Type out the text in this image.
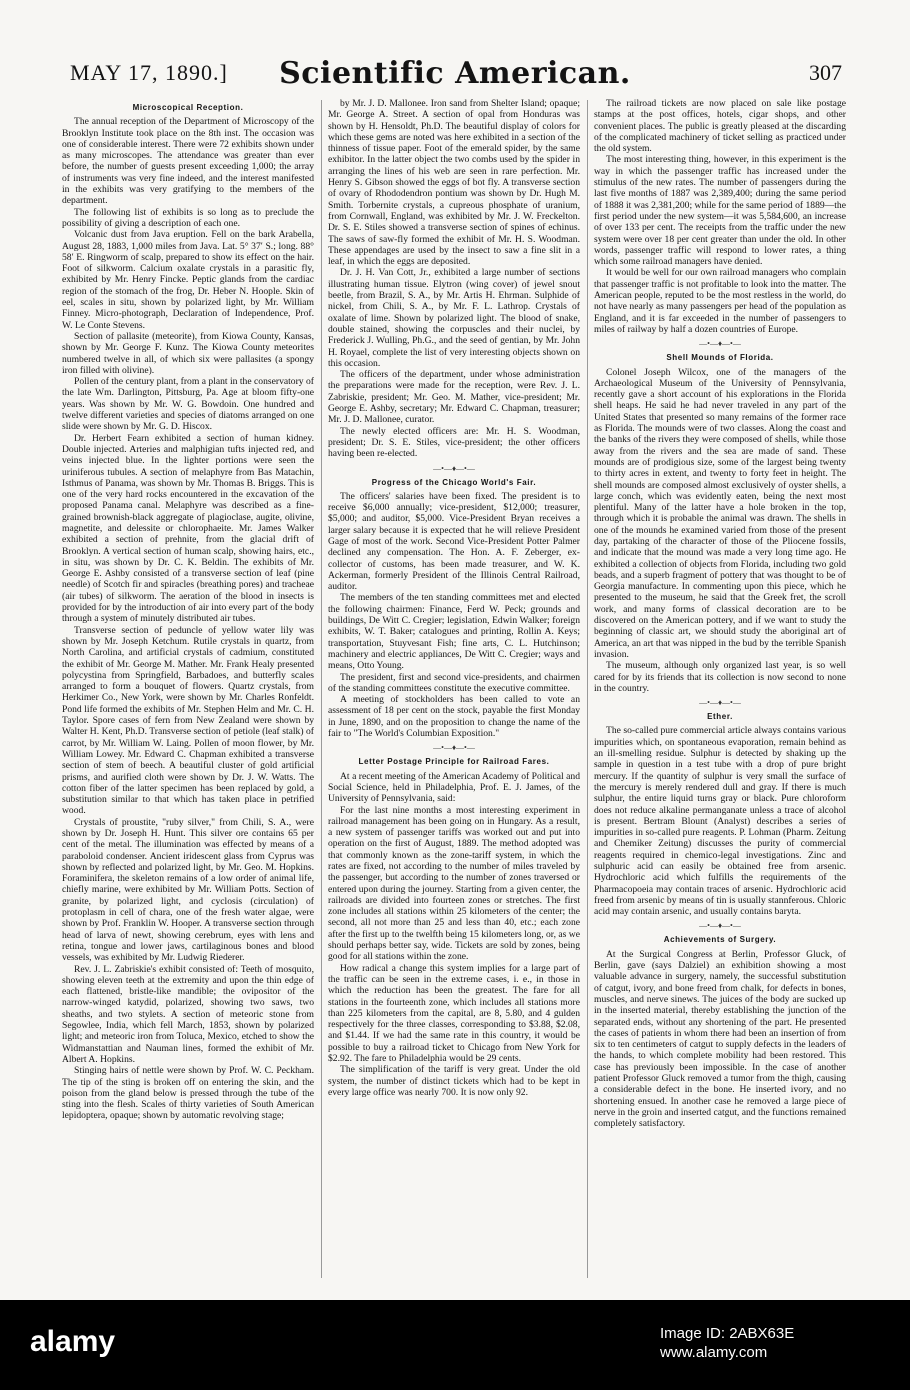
MAY 17, 1890.]	Scientific American.	307
Microscopical Reception.

The annual reception of the Department of Microscopy of the Brooklyn Institute took place on the 8th inst. The occasion was one of considerable interest. There were 72 exhibits shown under as many microscopes. The attendance was greater than ever before, the number of guests present exceeding 1,000; the array of instruments was very fine indeed, and the interest manifested in the exhibits was very gratifying to the members of the department.

The following list of exhibits is so long as to preclude the possibility of giving a description of each one.

Volcanic dust from Java eruption. Fell on the bark Arabella, August 28, 1883, 1,000 miles from Java. Lat. 5° 37′ S.; long. 88° 58′ E. Ringworm of scalp, prepared to show its effect on the hair. Foot of silkworm. Calcium oxalate crystals in a parasitic fly, exhibited by Mr. Henry Fincke. Peptic glands from the cardiac region of the stomach of the frog, Dr. Heber N. Hoople. Skin of eel, scales in situ, shown by polarized light, by Mr. William Finney. Micro-photograph, Declaration of Independence, Prof. W. Le Conte Stevens.

Section of pallasite (meteorite), from Kiowa County, Kansas, shown by Mr. George F. Kunz. The Kiowa County meteorites numbered twelve in all, of which six were pallasites (a spongy iron filled with olivine).

Pollen of the century plant, from a plant in the conservatory of the late Wm. Darlington, Pittsburg, Pa. Age at bloom fifty-one years. Was shown by Mr. W. G. Bowdoin. One hundred and twelve different varieties and species of diatoms arranged on one slide were shown by Mr. G. D. Hiscox.

Dr. Herbert Fearn exhibited a section of human kidney. Double injected. Arteries and malphigian tufts injected red, and veins injected blue. In the lighter portions were seen the uriniferous tubules. A section of melaphyre from Bas Matachin, Isthmus of Panama, was shown by Mr. Thomas B. Briggs. This is one of the very hard rocks encountered in the excavation of the proposed Panama canal. Melaphyre was described as a fine-grained brownish-black aggregate of plagioclase, augite, olivine, magnetite, and delessite or chlorophaeite. Mr. James Walker exhibited a section of prehnite, from the glacial drift of Brooklyn. A vertical section of human scalp, showing hairs, etc., in situ, was shown by Dr. C. K. Beldin. The exhibits of Mr. George E. Ashby consisted of a transverse section of leaf (pine needle) of Scotch fir and spiracles (breathing pores) and tracheae (air tubes) of silkworm. The aeration of the blood in insects is provided for by the introduction of air into every part of the body through a system of minutely distributed air tubes.

Transverse section of peduncle of yellow water lily was shown by Mr. Joseph Ketchum. Rutile crystals in quartz, from North Carolina, and artificial crystals of cadmium, constituted the exhibit of Mr. George M. Mather. Mr. Frank Healy presented polycystina from Springfield, Barbadoes, and butterfly scales arranged to form a bouquet of flowers. Quartz crystals, from Herkimer Co., New York, were shown by Mr. Charles Ronfeldt. Pond life formed the exhibits of Mr. Stephen Helm and Mr. C. H. Taylor. Spore cases of fern from New Zealand were shown by Walter H. Kent, Ph.D. Transverse section of petiole (leaf stalk) of carrot, by Mr. William W. Laing. Pollen of moon flower, by Mr. William Lowey. Mr. Edward C. Chapman exhibited a transverse section of stem of beech. A beautiful cluster of gold artificial prisms, and aurified cloth were shown by Dr. J. W. Watts. The cotton fiber of the latter specimen has been replaced by gold, a substitution similar to that which has taken place in petrified wood.

Crystals of proustite, "ruby silver," from Chili, S. A., were shown by Dr. Joseph H. Hunt. This silver ore contains 65 per cent of the metal. The illumination was effected by means of a paraboloid condenser. Ancient iridescent glass from Cyprus was shown by reflected and polarized light, by Mr. Geo. M. Hopkins. Foraminifera, the skeleton remains of a low order of animal life, chiefly marine, were exhibited by Mr. William Potts. Section of granite, by polarized light, and cyclosis (circulation) of protoplasm in cell of chara, one of the fresh water algae, were shown by Prof. Franklin W. Hooper. A transverse section through head of larva of newt, showing cerebrum, eyes with lens and retina, tongue and lower jaws, cartilaginous bones and blood vessels, was exhibited by Mr. Ludwig Riederer.

Rev. J. L. Zabriskie's exhibit consisted of: Teeth of mosquito, showing eleven teeth at the extremity and upon the thin edge of each flattened, bristle-like mandible; the ovipositor of the narrow-winged katydid, polarized, showing two saws, two sheaths, and two stylets. A section of meteoric stone from Segowlee, India, which fell March, 1853, shown by polarized light; and meteoric iron from Toluca, Mexico, etched to show the Widmanstattian and Nauman lines, formed the exhibit of Mr. Albert A. Hopkins.

Stinging hairs of nettle were shown by Prof. W. C. Peckham. The tip of the sting is broken off on entering the skin, and the poison from the gland below is pressed through the tube of the sting into the flesh. Scales of thirty varieties of South American lepidoptera, opaque; shown by automatic revolving stage;

by Mr. J. D. Mallonee. Iron sand from Shelter Island; opaque; Mr. George A. Street. A section of opal from Honduras was shown by H. Hensoldt, Ph.D. The beautiful display of colors for which these gems are noted was here exhibited in a section of the thinness of tissue paper. Foot of the emerald spider, by the same exhibitor. In the latter object the two combs used by the spider in arranging the lines of his web are seen in rare perfection. Mr. Henry S. Gibson showed the eggs of bot fly. A transverse section of ovary of Rhododendron pontium was shown by Dr. Hugh M. Smith. Torbernite crystals, a cupreous phosphate of uranium, from Cornwall, England, was exhibited by Mr. J. W. Freckelton. Dr. S. E. Stiles showed a transverse section of spines of echinus. The saws of saw-fly formed the exhibit of Mr. H. S. Woodman. These appendages are used by the insect to saw a fine slit in a leaf, in which the eggs are deposited.

Dr. J. H. Van Cott, Jr., exhibited a large number of sections illustrating human tissue. Elytron (wing cover) of jewel snout beetle, from Brazil, S. A., by Mr. Artis H. Ehrman. Sulphide of nickel, from Chili, S. A., by Mr. F. L. Lathrop. Crystals of oxalate of lime. Shown by polarized light. The blood of snake, double stained, showing the corpuscles and their nuclei, by Frederick J. Wulling, Ph.G., and the seed of gentian, by Mr. John H. Royael, complete the list of very interesting objects shown on this occasion.

The officers of the department, under whose administration the preparations were made for the reception, were Rev. J. L. Zabriskie, president; Mr. Geo. M. Mather, vice-president; Mr. George E. Ashby, secretary; Mr. Edward C. Chapman, treasurer; Mr. J. D. Mallonee, curator.

The newly elected officers are: Mr. H. S. Woodman, president; Dr. S. E. Stiles, vice-president; the other officers having been re-elected.

—•—♦—•—
Progress of the Chicago World's Fair.

The officers' salaries have been fixed. The president is to receive $6,000 annually; vice-president, $12,000; treasurer, $5,000; and auditor, $5,000. Vice-President Bryan receives a larger salary because it is expected that he will relieve President Gage of most of the work. Second Vice-President Potter Palmer declined any compensation. The Hon. A. F. Zeberger, ex-collector of customs, has been made treasurer, and W. K. Ackerman, formerly President of the Illinois Central Railroad, auditor.

The members of the ten standing committees met and elected the following chairmen: Finance, Ferd W. Peck; grounds and buildings, De Witt C. Cregier; legislation, Edwin Walker; foreign exhibits, W. T. Baker; catalogues and printing, Rollin A. Keys; transportation, Stuyvesant Fish; fine arts, C. L. Hutchinson; machinery and electric appliances, De Witt C. Cregier; ways and means, Otto Young.

The president, first and second vice-presidents, and chairmen of the standing committees constitute the executive committee.

A meeting of stockholders has been called to vote an assessment of 18 per cent on the stock, payable the first Monday in June, 1890, and on the proposition to change the name of the fair to "The World's Columbian Exposition."

—•—♦—•—
Letter Postage Principle for Railroad Fares.

At a recent meeting of the American Academy of Political and Social Science, held in Philadelphia, Prof. E. J. James, of the University of Pennsylvania, said:

For the last nine months a most interesting experiment in railroad management has been going on in Hungary. As a result, a new system of passenger tariffs was worked out and put into operation on the first of August, 1889. The method adopted was that commonly known as the zone-tariff system, in which the rates are fixed, not according to the number of miles traveled by the passenger, but according to the number of zones traversed or entered upon during the journey. Starting from a given center, the railroads are divided into fourteen zones or stretches. The first zone includes all stations within 25 kilometers of the center; the second, all not more than 25 and less than 40, etc.; each zone after the first up to the twelfth being 15 kilometers long, or, as we should perhaps better say, wide. Tickets are sold by zones, being good for all stations within the zone.

How radical a change this system implies for a large part of the traffic can be seen in the extreme cases, i. e., in those in which the reduction has been the greatest. The fare for all stations in the fourteenth zone, which includes all stations more than 225 kilometers from the capital, are 8, 5.80, and 4 gulden respectively for the three classes, corresponding to $3.88, $2.08, and $1.44. If we had the same rate in this country, it would be possible to buy a railroad ticket to Chicago from New York for $2.92. The fare to Philadelphia would be 29 cents.

The simplification of the tariff is very great. Under the old system, the number of distinct tickets which had to be kept in every large office was nearly 700. It is now only 92.

The railroad tickets are now placed on sale like postage stamps at the post offices, hotels, cigar shops, and other convenient places. The public is greatly pleased at the discarding of the complicated machinery of ticket selling as practiced under the old system.

The most interesting thing, however, in this experiment is the way in which the passenger traffic has increased under the stimulus of the new rates. The number of passengers during the last five months of 1887 was 2,389,400; during the same period of 1888 it was 2,381,200; while for the same period of 1889—the first period under the new system—it was 5,584,600, an increase of over 133 per cent. The receipts from the traffic under the new system were over 18 per cent greater than under the old. In other words, passenger traffic will respond to lower rates, a thing which some railroad managers have denied.

It would be well for our own railroad managers who complain that passenger traffic is not profitable to look into the matter. The American people, reputed to be the most restless in the world, do not have nearly as many passengers per head of the population as England, and it is far exceeded in the number of passengers to miles of railway by half a dozen countries of Europe.

—•—♦—•—
Shell Mounds of Florida.

Colonel Joseph Wilcox, one of the managers of the Archaeological Museum of the University of Pennsylvania, recently gave a short account of his explorations in the Florida shell heaps. He said he had never traveled in any part of the United States that presented so many remains of the former race as Florida. The mounds were of two classes. Along the coast and the banks of the rivers they were composed of shells, while those away from the rivers and the sea are made of sand. These mounds are of prodigious size, some of the largest being twenty to thirty acres in extent, and twenty to forty feet in height. The shell mounds are composed almost exclusively of oyster shells, a large conch, which was evidently eaten, being the next most plentiful. Many of the latter have a hole broken in the top, through which it is probable the animal was drawn. The shells in one of the mounds he examined varied from those of the present day, partaking of the character of those of the Pliocene fossils, and indicate that the mound was made a very long time ago. He exhibited a collection of objects from Florida, including two gold beads, and a superb fragment of pottery that was thought to be of Georgia manufacture. In commenting upon this piece, which he presented to the museum, he said that the Greek fret, the scroll work, and many forms of classical decoration are to be discovered on the American pottery, and if we want to study the beginning of classic art, we should study the aboriginal art of America, an art that was nipped in the bud by the terrible Spanish invasion.

The museum, although only organized last year, is so well cared for by its friends that its collection is now second to none in the country.

—•—♦—•—
Ether.

The so-called pure commercial article always contains various impurities which, on spontaneous evaporation, remain behind as an ill-smelling residue. Sulphur is detected by shaking up the sample in question in a test tube with a drop of pure bright mercury. If the quantity of sulphur is very small the surface of the mercury is merely rendered dull and gray. If there is much sulphur, the entire liquid turns gray or black. Pure chloroform does not reduce alkaline permanganate unless a trace of alcohol is present. Bertram Blount (Analyst) describes a series of impurities in so-called pure reagents. P. Lohman (Pharm. Zeitung and Chemiker Zeitung) discusses the purity of commercial reagents required in chemico-legal investigations. Zinc and sulphuric acid can easily be obtained free from arsenic. Hydrochloric acid which fulfills the requirements of the Pharmacopoeia may contain traces of arsenic. Hydrochloric acid freed from arsenic by means of tin is usually stannferous. Chloric acid may contain arsenic, and usually contains baryta.

—•—♦—•—
Achievements of Surgery.

At the Surgical Congress at Berlin, Professor Gluck, of Berlin, gave (says Dalziel) an exhibition showing a most valuable advance in surgery, namely, the successful substitution of catgut, ivory, and bone freed from chalk, for defects in bones, muscles, and nerve sinews. The juices of the body are sucked up in the inserted material, thereby establishing the junction of the separated ends, without any shortening of the part. He presented the cases of patients in whom there had been an insertion of from six to ten centimeters of catgut to supply defects in the leaders of the hands, to which complete mobility had been restored. This case has previously been impossible. In the case of another patient Professor Gluck removed a tumor from the thigh, causing a considerable defect in the bone. He inserted ivory, and no shortening ensued. In another case he removed a large piece of nerve in the groin and inserted catgut, and the functions remained completely satisfactory.

alamy	Image ID: 2ABX63E
www.alamy.com
